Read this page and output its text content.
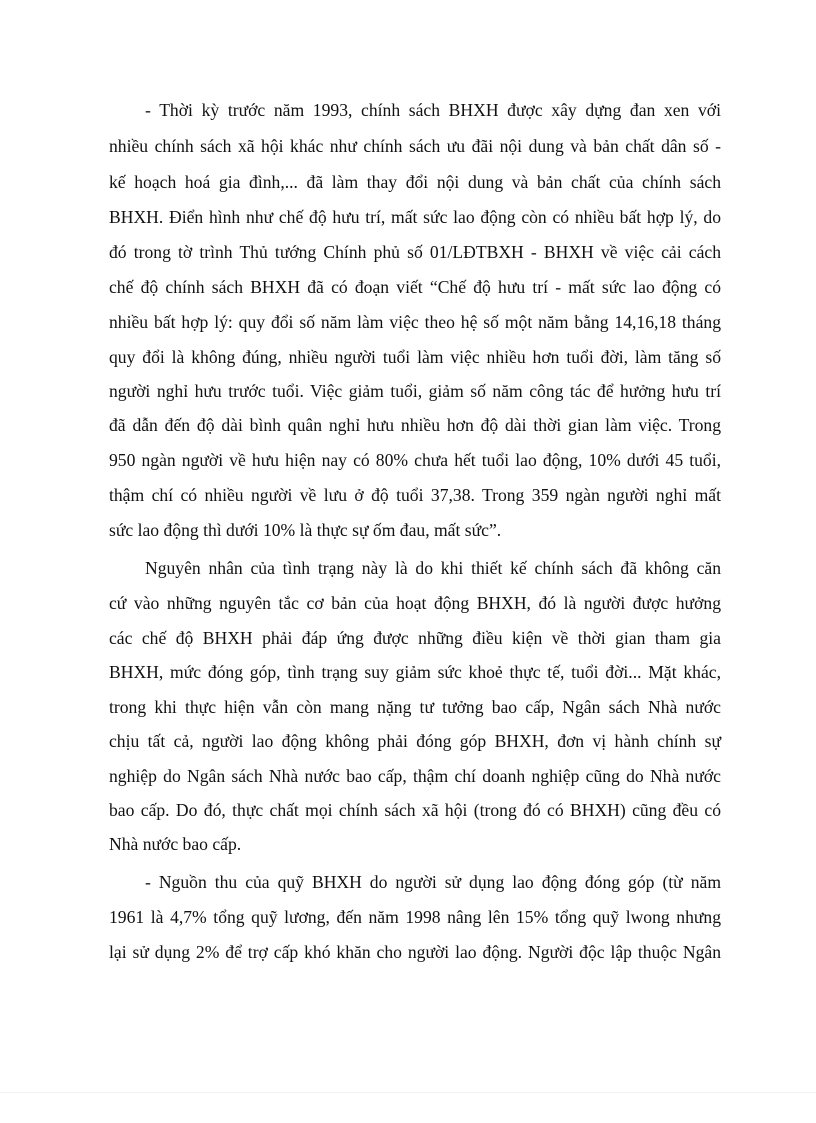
- Thời kỳ trước năm 1993, chính sách BHXH được xây dựng đan xen với
nhiều chính sách xã hội khác như chính sách ưu đãi nội dung và bản chất dân số -
kế hoạch hoá gia đình,... đã làm thay đổi nội dung và bản chất của chính sách
BHXH. Điển hình như chế độ hưu trí, mất sức lao động còn có nhiều bất hợp lý, do
đó trong tờ trình Thủ tướng Chính phủ số 01/LĐTBXH - BHXH về việc cải cách
chế độ chính sách BHXH đã có đoạn viết “Chế độ hưu trí - mất sức lao động có
nhiều bất hợp lý: quy đổi số năm làm việc theo hệ số một năm bằng 14,16,18 tháng
quy đổi là không đúng, nhiều người tuổi làm việc nhiều hơn tuổi đời, làm tăng số
người nghỉ hưu trước tuổi. Việc giảm tuổi, giảm số năm công tác để hưởng hưu trí
đã dẫn đến độ dài bình quân nghỉ hưu nhiều hơn độ dài thời gian làm việc. Trong
950 ngàn người về hưu hiện nay có 80% chưa hết tuổi lao động, 10% dưới 45 tuổi,
thậm chí có nhiều người về lưu ở độ tuổi 37,38. Trong 359 ngàn người nghỉ mất
sức lao động thì dưới 10% là thực sự ốm đau, mất sức”.
Nguyên nhân của tình trạng này là do khi thiết kế chính sách đã không căn
cứ vào những nguyên tắc cơ bản của hoạt động BHXH, đó là người được hưởng
các chế độ BHXH phải đáp ứng được những điều kiện về thời gian tham gia
BHXH, mức đóng góp, tình trạng suy giảm sức khoẻ thực tế, tuổi đời... Mặt khác,
trong khi thực hiện vẫn còn mang nặng tư tưởng bao cấp, Ngân sách Nhà nước
chịu tất cả, người lao động không phải đóng góp BHXH, đơn vị hành chính sự
nghiệp do Ngân sách Nhà nước bao cấp, thậm chí doanh nghiệp cũng do Nhà nước
bao cấp. Do đó, thực chất mọi chính sách xã hội (trong đó có BHXH) cũng đều có
Nhà nước bao cấp.
- Nguồn thu của quỹ BHXH do người sử dụng lao động đóng góp (từ năm
1961 là 4,7% tổng quỹ lương, đến năm 1998 nâng lên 15% tổng quỹ lwong nhưng
lại sử dụng 2% để trợ cấp khó khăn cho người lao động. Người độc lập thuộc Ngân
